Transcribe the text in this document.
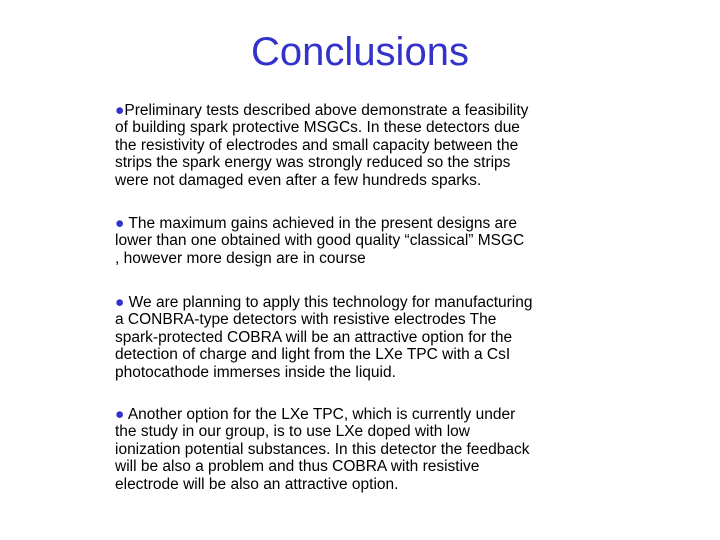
Conclusions

●Preliminary tests described above demonstrate a feasibility
of building spark protective MSGCs. In these detectors due
the resistivity of electrodes and small capacity between the
strips the spark energy was strongly reduced so the strips
were not damaged even after a few hundreds sparks.

● The maximum gains achieved in the present designs are
lower than one obtained with good quality “classical” MSGC
, however more design are in course

● We are planning to apply this technology for manufacturing
a CONBRA-type detectors with resistive electrodes The
spark-protected COBRA will be an attractive option for the
detection of charge and light from the LXe TPC with a CsI
photocathode immerses inside the liquid.

● Another option for the LXe TPC, which is currently under
the study in our group, is to use LXe doped with low
ionization potential substances. In this detector the feedback
will be also a problem and thus COBRA with resistive
electrode will be also an attractive option.
